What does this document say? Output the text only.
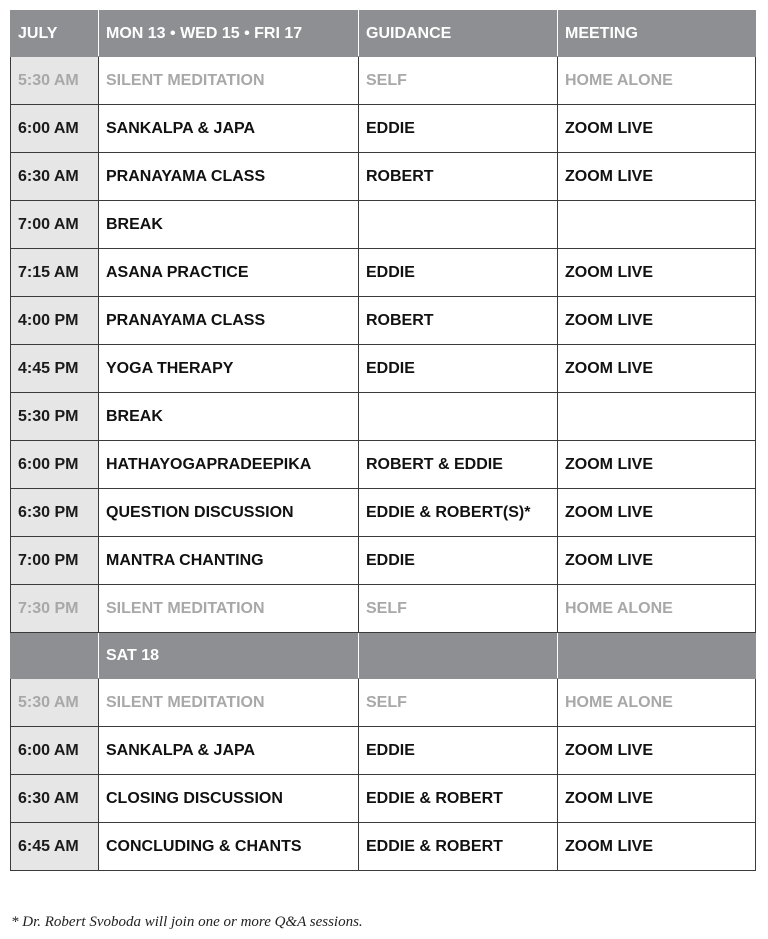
JULY	MON 13 • WED 15 • FRI 17	GUIDANCE	MEETING
5:30 AM	SILENT MEDITATION	SELF	HOME ALONE
6:00 AM	SANKALPA & JAPA	EDDIE	ZOOM LIVE
6:30 AM	PRANAYAMA CLASS	ROBERT	ZOOM LIVE
7:00 AM	BREAK		
7:15 AM	ASANA PRACTICE	EDDIE	ZOOM LIVE
4:00 PM	PRANAYAMA CLASS	ROBERT	ZOOM LIVE
4:45 PM	YOGA THERAPY	EDDIE	ZOOM LIVE
5:30 PM	BREAK		
6:00 PM	HATHAYOGAPRADEEPIKA	ROBERT & EDDIE	ZOOM LIVE
6:30 PM	QUESTION DISCUSSION	EDDIE & ROBERT(S)*	ZOOM LIVE
7:00 PM	MANTRA CHANTING	EDDIE	ZOOM LIVE
7:30 PM	SILENT MEDITATION	SELF	HOME ALONE
	SAT 18		
5:30 AM	SILENT MEDITATION	SELF	HOME ALONE
6:00 AM	SANKALPA & JAPA	EDDIE	ZOOM LIVE
6:30 AM	CLOSING DISCUSSION	EDDIE & ROBERT	ZOOM LIVE
6:45 AM	CONCLUDING & CHANTS	EDDIE & ROBERT	ZOOM LIVE
* Dr. Robert Svoboda will join one or more Q&A sessions.
